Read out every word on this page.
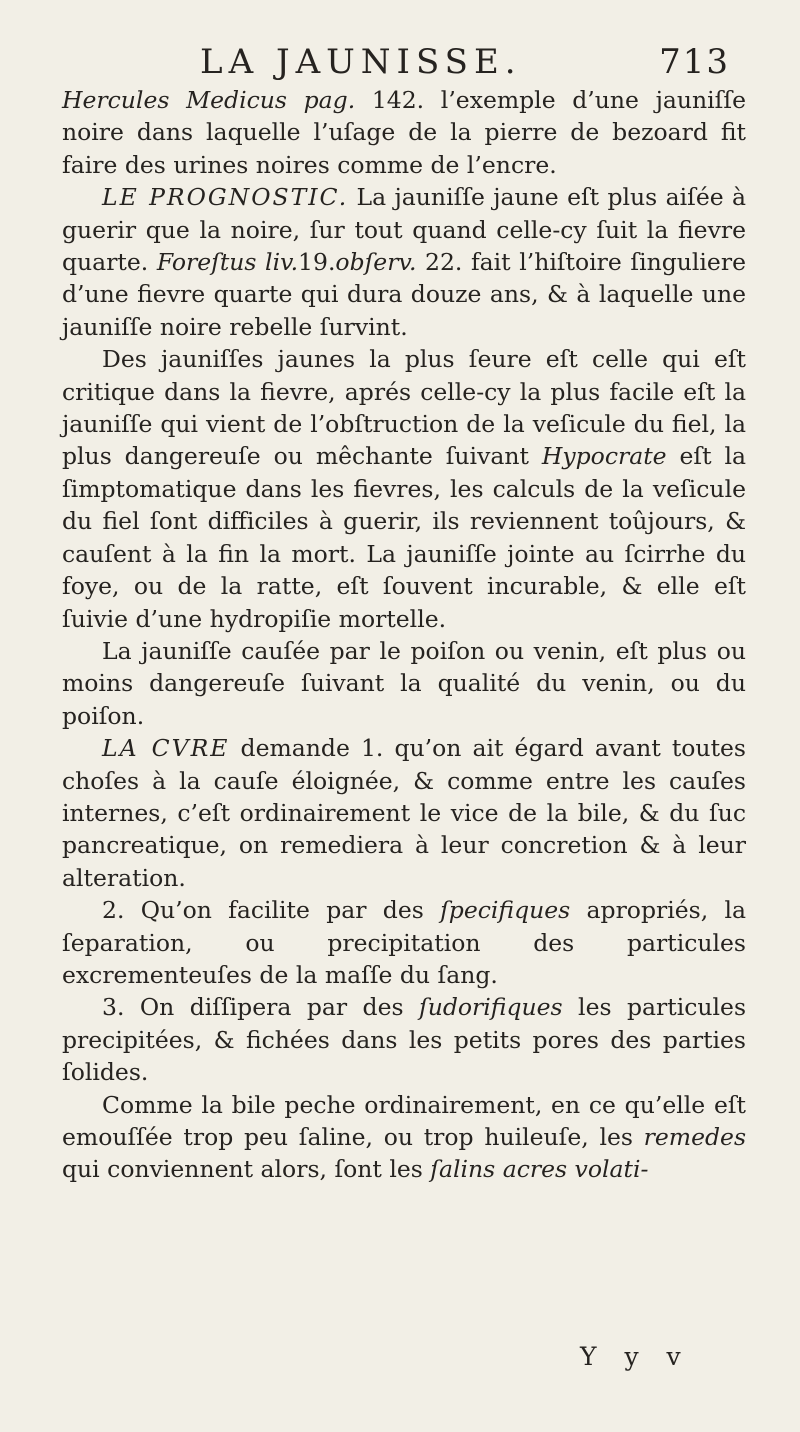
LA JAUNISSE.	713

Hercules Medicus pag. 142. l’exemple d’une jauniſſe noire dans laquelle l’uſage de la pierre de bezoard fit faire des urines noires comme de l’encre.

LE PROGNOSTIC. La jauniſſe jaune eſt plus aiſée à guerir que la noire, ſur tout quand celle-cy ſuit la fievre quarte. Foreſtus liv.19.obſerv. 22. fait l’hiſtoire ſinguliere d’une fievre quarte qui dura douze ans, & à laquelle une jauniſſe noire rebelle ſurvint.

Des jauniſſes jaunes la plus ſeure eſt celle qui eſt critique dans la fievre, aprés celle-cy la plus facile eſt la jauniſſe qui vient de l’obſtruction de la veſicule du fiel, la plus dangereuſe ou mêchante ſuivant Hypocrate eſt la ſimptomatique dans les fievres, les calculs de la veſicule du fiel ſont difficiles à guerir, ils reviennent toûjours, & cauſent à la fin la mort. La jauniſſe jointe au ſcirrhe du foye, ou de la ratte, eſt ſouvent incurable, & elle eſt ſuivie d’une hydropiſie mortelle.

La jauniſſe cauſée par le poiſon ou venin, eſt plus ou moins dangereuſe ſuivant la qualité du venin, ou du poiſon.

LA CVRE demande 1. qu’on ait égard avant toutes choſes à la cauſe éloignée, & comme entre les cauſes internes, c’eſt ordinairement le vice de la bile, & du ſuc pancreatique, on remediera à leur concretion & à leur alteration.

2. Qu’on facilite par des ſpecifiques apropriés, la ſeparation, ou precipitation des particules excrementeuſes de la maſſe du ſang.

3. On diſſipera par des ſudorifiques les particules precipitées, & fichées dans les petits pores des parties ſolides.

Comme la bile peche ordinairement, en ce qu’elle eſt emouſſée trop peu ſaline, ou trop huileuſe, les remedes qui conviennent alors, ſont les ſalins acres volati-

Y y v
